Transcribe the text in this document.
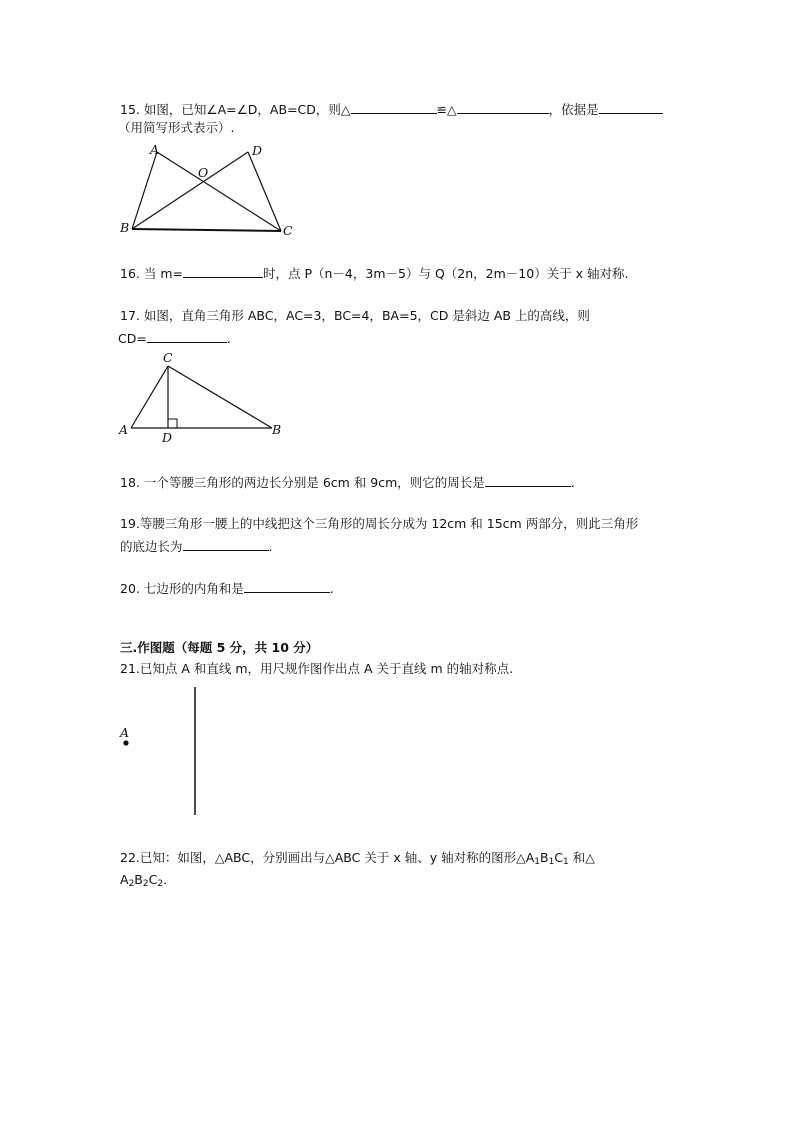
15. 如图，已知∠A=∠D，AB=CD，则△	≌△	，依据是
（用简写形式表示）.
A	D
O
B	C
16. 当 m=	时，点 P（n－4，3m－5）与 Q（2n，2m－10）关于 x 轴对称.
17. 如图，直角三角形 ABC，AC=3，BC=4，BA=5，CD 是斜边 AB 上的高线，则
CD=	.
C
A
D
B
18. 一个等腰三角形的两边长分别是 6cm 和 9cm，则它的周长是	.
19.等腰三角形一腰上的中线把这个三角形的周长分成为 12cm 和 15cm 两部分，则此三角形
的底边长为	.
20. 七边形的内角和是	.
三.作图题（每题 5 分，共 10 分）
21.已知点 A 和直线 m，用尺规作图作出点 A 关于直线 m 的轴对称点.
A
22.已知：如图，△ABC，分别画出与△ABC 关于 x 轴、y 轴对称的图形$\triangle A_1B_1C_1$ 和△
$A_2B_2C_2$.
